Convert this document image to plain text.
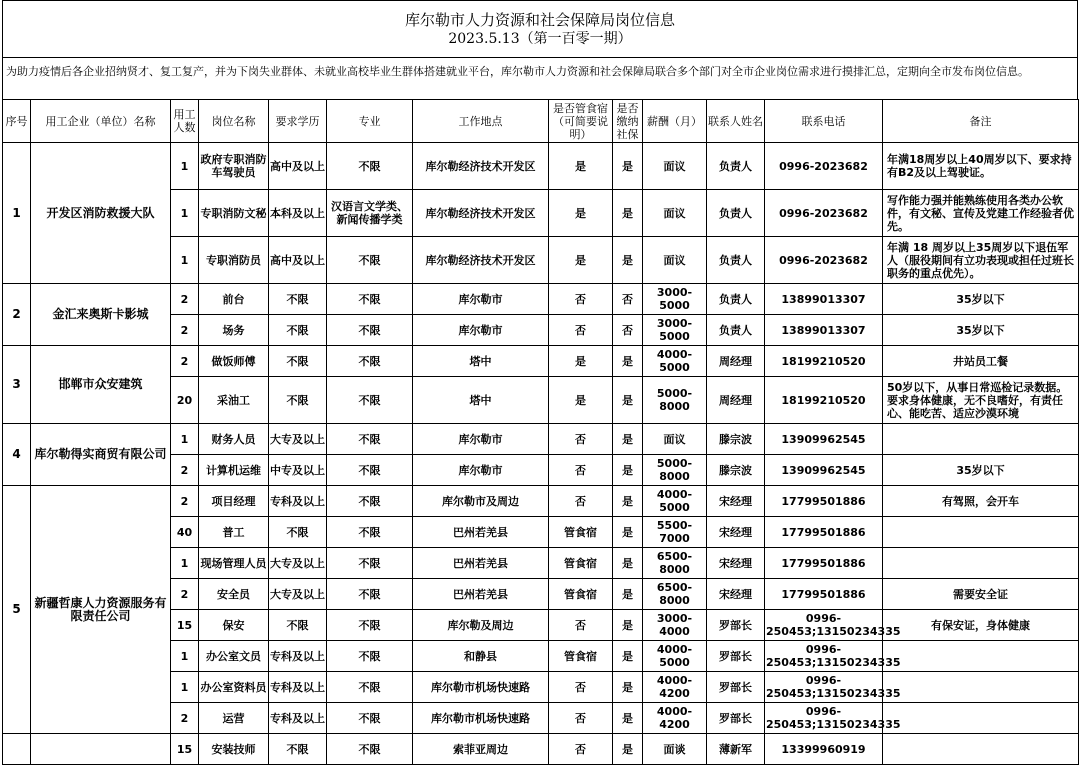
库尔勒市人力资源和社会保障局岗位信息
2023.5.13（第一百零一期）
为助力疫情后各企业招纳贤才、复工复产，并为下岗失业群体、未就业高校毕业生群体搭建就业平台，库尔勒市人力资源和社会保障局联合多个部门对全市企业岗位需求进行摸排汇总，定期向全市发布岗位信息。
序号	用工企业（单位）名称	用工人数	岗位名称	要求学历	专业	工作地点	是否管食宿（可简要说明）	是否缴纳社保	薪酬（月）	联系人姓名	联系电话	备注
1	开发区消防救援大队	1	政府专职消防车驾驶员	高中及以上	不限	库尔勒经济技术开发区	是	是	面议	负责人	0996-2023682	年满18周岁以上40周岁以下、要求持有B2及以上驾驶证。
		1	专职消防文秘	本科及以上	汉语言文学类、新闻传播学类	库尔勒经济技术开发区	是	是	面议	负责人	0996-2023682	写作能力强并能熟练使用各类办公软件，有文秘、宣传及党建工作经验者优先。
		1	专职消防员	高中及以上	不限	库尔勒经济技术开发区	是	是	面议	负责人	0996-2023682	年满 18 周岁以上35周岁以下退伍军人（服役期间有立功表现或担任过班长职务的重点优先）。
2	金汇来奥斯卡影城	2	前台	不限	不限	库尔勒市	否	否	3000-5000	负责人	13899013307	35岁以下
		2	场务	不限	不限	库尔勒市	否	否	3000-5000	负责人	13899013307	35岁以下
3	邯郸市众安建筑	2	做饭师傅	不限	不限	塔中	是	是	4000-5000	周经理	18199210520	井站员工餐
		20	采油工	不限	不限	塔中	是	是	5000-8000	周经理	18199210520	50岁以下，从事日常巡检记录数据。要求身体健康，无不良嗜好，有责任心、能吃苦、适应沙漠环境
4	库尔勒得实商贸有限公司	1	财务人员	大专及以上	不限	库尔勒市	否	是	面议	滕宗波	13909962545	
		2	计算机运维	中专及以上	不限	库尔勒市	否	是	5000-8000	滕宗波	13909962545	35岁以下
5	新疆哲康人力资源服务有限责任公司	2	项目经理	专科及以上	不限	库尔勒市及周边	否	是	4000-5000	宋经理	17799501886	有驾照，会开车
		40	普工	不限	不限	巴州若羌县	管食宿	是	5500-7000	宋经理	17799501886	
		1	现场管理人员	大专及以上	不限	巴州若羌县	管食宿	是	6500-8000	宋经理	17799501886	
		2	安全员	大专及以上	不限	巴州若羌县	管食宿	是	6500-8000	宋经理	17799501886	需要安全证
		15	保安	不限	不限	库尔勒及周边	否	是	3000-4000	罗部长	0996-250453;13150234335	有保安证，身体健康
		1	办公室文员	专科及以上	不限	和静县	管食宿	是	4000-5000	罗部长	0996-250453;13150234335	
		1	办公室资料员	专科及以上	不限	库尔勒市机场快速路	否	是	4000-4200	罗部长	0996-250453;13150234335	
		2	运营	专科及以上	不限	库尔勒市机场快速路	否	是	4000-4200	罗部长	0996-250453;13150234335	
		15	安装技师	不限	不限	索菲亚周边	否	是	面谈	薄新军	13399960919	
